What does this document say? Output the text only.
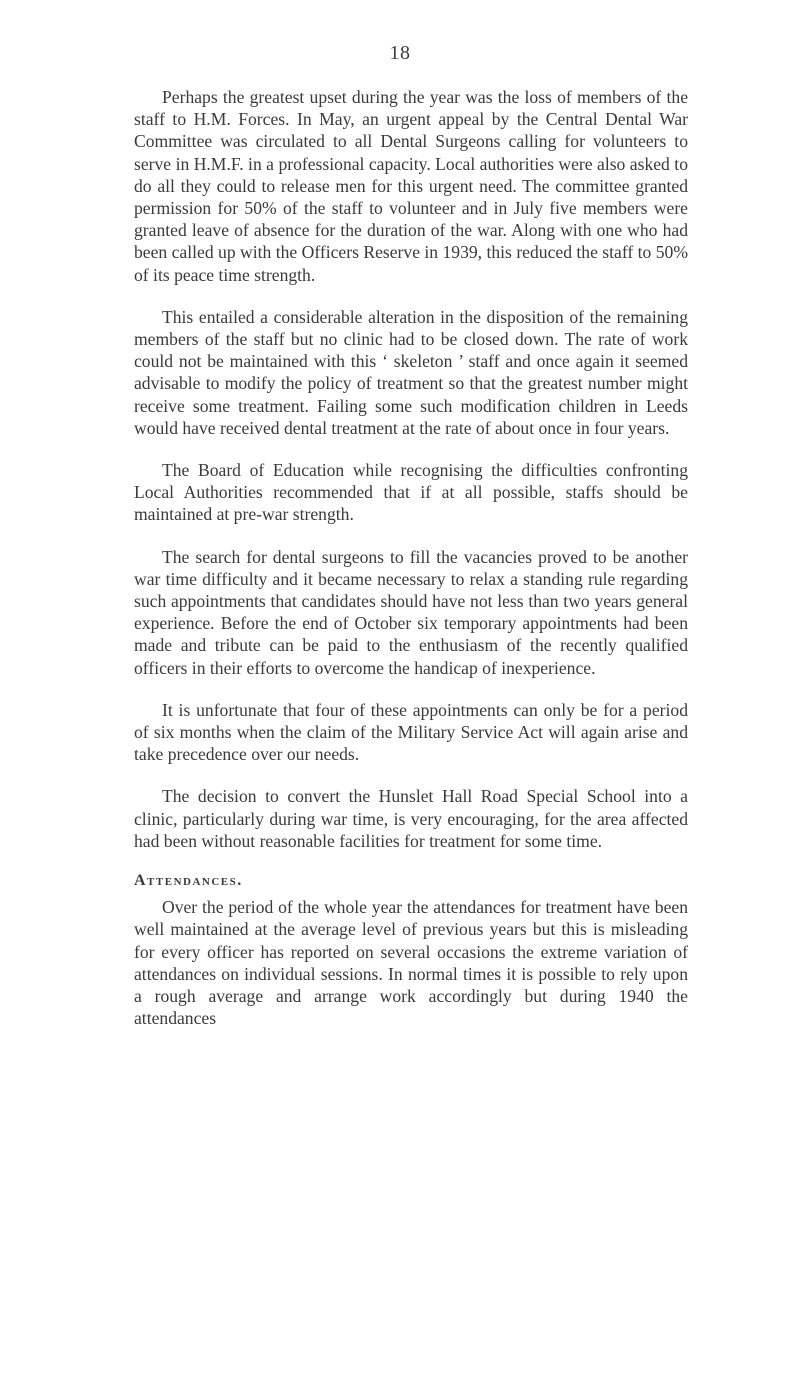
18

Perhaps the greatest upset during the year was the loss of members of the staff to H.M. Forces. In May, an urgent appeal by the Central Dental War Committee was circulated to all Dental Surgeons calling for volunteers to serve in H.M.F. in a professional capacity. Local authorities were also asked to do all they could to release men for this urgent need. The committee granted permission for 50% of the staff to volunteer and in July five members were granted leave of absence for the duration of the war. Along with one who had been called up with the Officers Reserve in 1939, this reduced the staff to 50% of its peace time strength.

This entailed a considerable alteration in the disposition of the remaining members of the staff but no clinic had to be closed down. The rate of work could not be maintained with this ‘ skeleton ’ staff and once again it seemed advisable to modify the policy of treatment so that the greatest number might receive some treatment. Failing some such modification children in Leeds would have received dental treatment at the rate of about once in four years.

The Board of Education while recognising the difficulties confronting Local Authorities recommended that if at all possible, staffs should be maintained at pre-war strength.

The search for dental surgeons to fill the vacancies proved to be another war time difficulty and it became necessary to relax a standing rule regarding such appointments that candidates should have not less than two years general experience. Before the end of October six temporary appointments had been made and tribute can be paid to the enthusiasm of the recently qualified officers in their efforts to overcome the handicap of inexperience.

It is unfortunate that four of these appointments can only be for a period of six months when the claim of the Military Service Act will again arise and take precedence over our needs.

The decision to convert the Hunslet Hall Road Special School into a clinic, particularly during war time, is very encouraging, for the area affected had been without reasonable facilities for treatment for some time.

Attendances.

Over the period of the whole year the attendances for treatment have been well maintained at the average level of previous years but this is misleading for every officer has reported on several occasions the extreme variation of attendances on individual sessions. In normal times it is possible to rely upon a rough average and arrange work accordingly but during 1940 the attendances
